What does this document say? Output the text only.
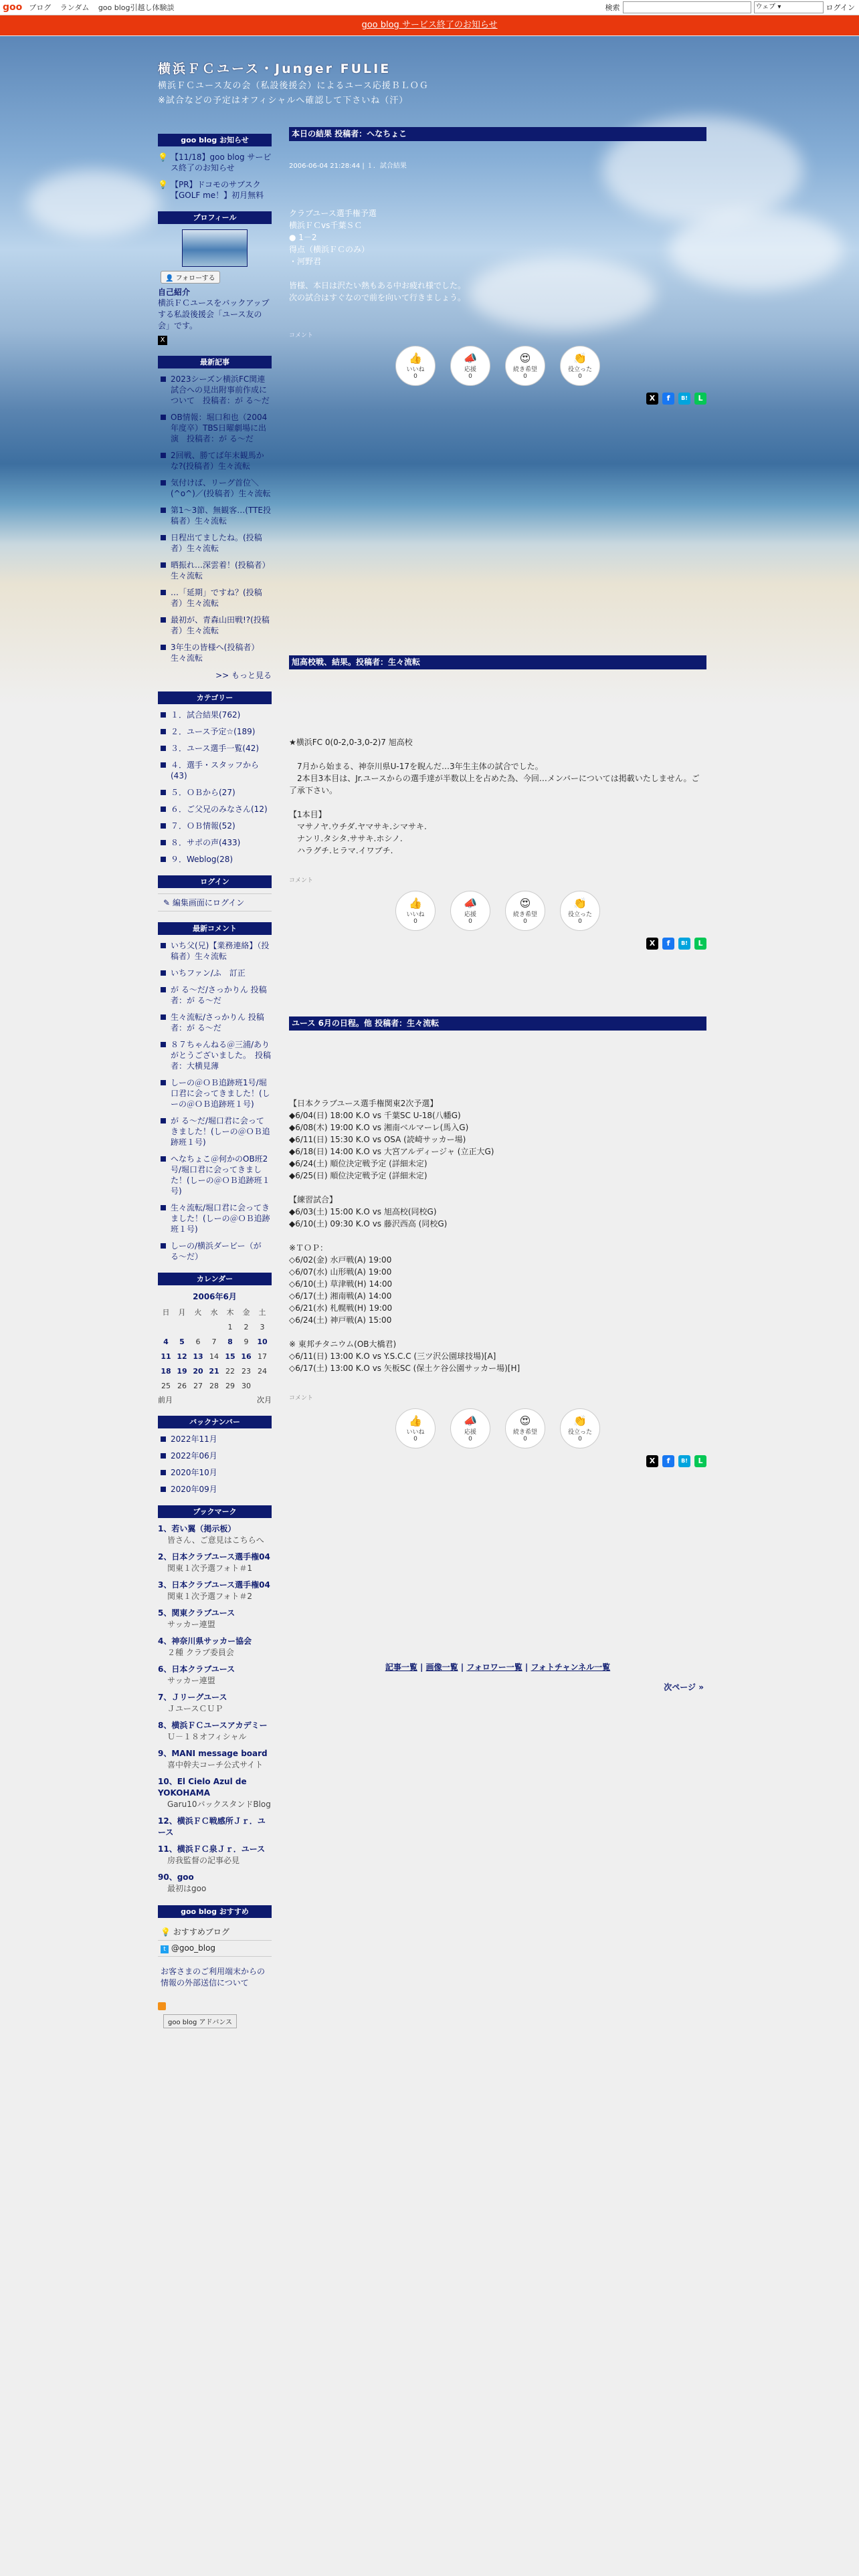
goo ブログ ランダム goo blog引越し体験談	検索	ウェブ ▾	ログイン
goo blog サービス終了のお知らせ
横浜ＦＣユース・Junger FULIE
横浜ＦＣユース友の会（私設後援会）によるユース応援ＢＬＯＧ
※試合などの予定はオフィシャルへ確認して下さいね（汗）
goo blog お知らせ
💡 【11/18】goo blog サービス終了のお知らせ
💡 【PR】ドコモのサブスク【GOLF me！】初月無料
プロフィール
👤 フォローする
自己紹介
横浜ＦＣユースをバックアップする私設後援会「ユース友の会」です。
X
最新記事
2023シーズン横浜FC関連試合への見出附事前作成について　投稿者：が る〜だ
OB情報：堀口和也（2004年度卒）TBS日曜劇場に出演　投稿者：が る〜だ
2回戦、勝てば年末観馬かな?(投稿者）生々流転
気付けば、リーグ首位＼(^o^)／(投稿者）生々流転
第1〜3節、無観客…(TTE投稿者）生々流転
日程出てましたね。(投稿者）生々流転
晒振れ…深雲着！(投稿者）生々流転
…「延期」ですね？(投稿者）生々流転
最初が、青森山田戦!?(投稿者）生々流転
3年生の皆様へ(投稿者）生々流転
>> もっと見る
カテゴリー
１．試合結果(762)
２．ユース予定☆(189)
３．ユース選手一覧(42)
４．選手・スタッフから(43)
５．ＯＢから(27)
６．ご父兄のみなさん(12)
７．ＯＢ情報(52)
８．サポの声(433)
９．Weblog(28)
ログイン
✎ 編集画面にログイン
最新コメント
いち父(兄)【業務連絡】（投稿者）生々流転
いちファン/ふ　訂正
が る〜だ/さっかりん 投稿者：が る〜だ
生々流転/さっかりん 投稿者：が る〜だ
８７ちゃんねる＠三浦/ありがとうございました。　投稿者：大横見薄
しーの＠ＯＢ追跡班1号/堀口君に会ってきました！(しーの＠ＯＢ追跡班１号)
が る〜だ/堀口君に会ってきました！(しーの＠ＯＢ追跡班１号)
へなちょこ＠何かのOB班2号/堀口君に会ってきました！(しーの＠ＯＢ追跡班１号)
生々流転/堀口君に会ってきました！(しーの＠ＯＢ追跡班１号)
しーの/横浜ダービー（が る〜だ）
カレンダー
2006年6月
日	月	火	水	木	金	土
				1	2	3
4	5	6	7	8	9	10
11	12	13	14	15	16	17
18	19	20	21	22	23	24
25	26	27	28	29	30	
前月	次月
バックナンバー
2022年11月
2022年06月
2020年10月
2020年09月
ブックマーク
1、若い翼（掲示板）
皆さん、ご意見はこちらへ
2、日本クラブユース選手権04
関東１次予選フォト＃1
3、日本クラブユース選手権04
関東１次予選フォト＃2
5、関東クラブユース
サッカー連盟
4、神奈川県サッカー協会
２種 クラブ委員会
6、日本クラブユース
サッカー連盟
7、Ｊリーグユース
ＪユースＣＵＰ
8、横浜ＦＣユースアカデミー
Ｕ－１８オフィシャル
9、MANI message board
喜中幹夫コーチ公式サイト
10、El Cielo Azul de YOKOHAMA
Garu10バックスタンドBlog
12、横浜ＦＣ戦感所Ｊｒ．ユース
11、横浜ＦＣ泉Ｊｒ．ユース
房我監督の記事必見
90、goo
最初はgoo
goo blog おすすめ
💡 おすすめブログ
t @goo_blog
お客さまのご利用端末からの情報の外部送信について
goo blog アドバンス
本日の結果 投稿者：へなちょこ
2006-06-04 21:28:44 | １．試合結果
クラブユース選手権予選
横浜ＦＣvs千葉ＳＣ
● 1－2
得点（横浜ＦＣのみ）
・河野君
皆様、本日は沢たい熱もある中お疲れ様でした。
次の試合はすぐなので前を向いて行きましょう。
コメント
👍
いいね
0
📣
応援
0
😍
続き希望
0
👏
役立った
0
X	f	B!	L
旭高校戦、結果。投稿者：生々流転
★横浜FC 0(0-2,0-3,0-2)7 旭高校
　7月から始まる、神奈川県U-17を睨んだ…3年生主体の試合でした。
　2本目3本目は、Jr.ユースからの選手達が半数以上を占めた為、今回…メンバーについては掲載いたしません。ご了承下さい。
【1本目】
　マサノヤ.ウチダ.ヤマサキ.シマサキ.
　ナンリ.タシタ.ササキ.ホシノ.
　ハラグチ.ヒラマ.イワブチ.
コメント
👍
いいね
0
📣
応援
0
😍
続き希望
0
👏
役立った
0
X	f	B!	L
ユース 6月の日程。他 投稿者：生々流転
【日本クラブユース選手権関東2次予選】
◆6/04(日) 18:00 K.O vs 千葉SC U-18(八幡G)
◆6/08(木) 19:00 K.O vs 湘南ベルマーレ(馬入G)
◆6/11(日) 15:30 K.O vs OSA (読崎サッカー場)
◆6/18(日) 14:00 K.O vs 大宮アルディージャ (立正大G)
◆6/24(土) 順位決定戦予定 (詳細未定)
◆6/25(日) 順位決定戦予定 (詳細未定)
【練習試合】
◆6/03(土) 15:00 K.O vs 旭高校(同校G)
◆6/10(土) 09:30 K.O vs 藤沢西高 (同校G)
※ＴＯＰ：
◇6/02(金) 水戸戦(A) 19:00
◇6/07(水) 山形戦(A) 19:00
◇6/10(土) 草津戦(H) 14:00
◇6/17(土) 湘南戦(A) 14:00
◇6/21(水) 札幌戦(H) 19:00
◇6/24(土) 神戸戦(A) 15:00
※ 東邦チタニウム(OB大橋君)
◇6/11(日) 13:00 K.O vs Y.S.C.C (三ツ沢公園球技場)[A]
◇6/17(土) 13:00 K.O vs 矢板SC (保土ケ谷公園サッカー場)[H]
コメント
👍
いいね
0
📣
応援
0
😍
続き希望
0
👏
役立った
0
X	f	B!	L
記事一覧 | 画像一覧 | フォロワー一覧 | フォトチャンネル一覧
次ページ »
